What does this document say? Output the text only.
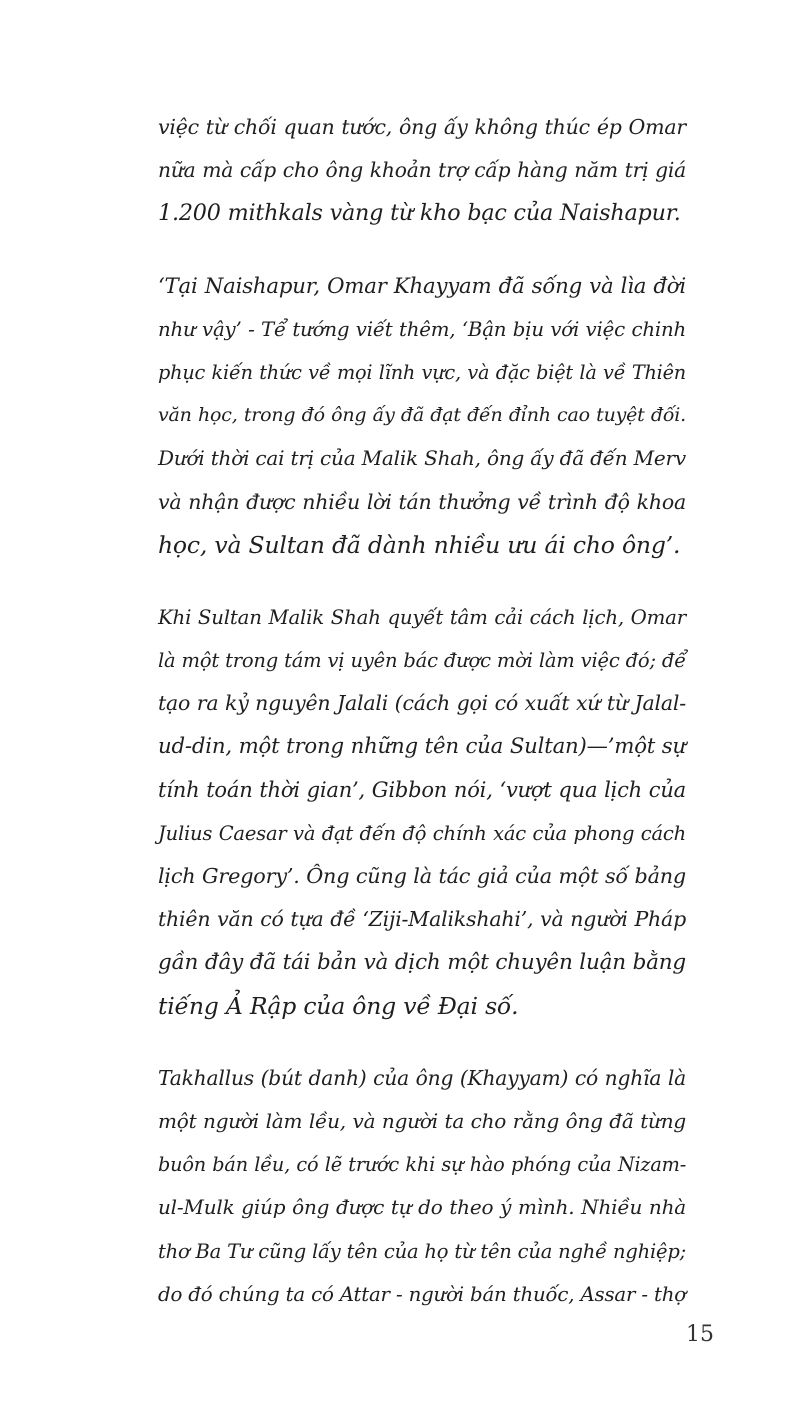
việc từ chối quan tước, ông ấy không thúc ép Omar
nữa mà cấp cho ông khoản trợ cấp hàng năm trị giá
1.200 mithkals vàng từ kho bạc của Naishapur.

‘Tại Naishapur, Omar Khayyam đã sống và lìa đời
như vậy’ - Tể tướng viết thêm, ‘Bận bịu với việc chinh
phục kiến thức về mọi lĩnh vực, và đặc biệt là về Thiên
văn học, trong đó ông ấy đã đạt đến đỉnh cao tuyệt đối.
Dưới thời cai trị của Malik Shah, ông ấy đã đến Merv
và nhận được nhiều lời tán thưởng về trình độ khoa
học, và Sultan đã dành nhiều ưu ái cho ông’.

Khi Sultan Malik Shah quyết tâm cải cách lịch, Omar
là một trong tám vị uyên bác được mời làm việc đó; để
tạo ra kỷ nguyên Jalali (cách gọi có xuất xứ từ Jalal-
ud-din, một trong những tên của Sultan)—’một sự
tính toán thời gian’, Gibbon nói, ‘vượt qua lịch của
Julius Caesar và đạt đến độ chính xác của phong cách
lịch Gregory’. Ông cũng là tác giả của một số bảng
thiên văn có tựa đề ‘Ziji-Malikshahi’, và người Pháp
gần đây đã tái bản và dịch một chuyên luận bằng
tiếng Ả Rập của ông về Đại số.

Takhallus (bút danh) của ông (Khayyam) có nghĩa là
một người làm lều, và người ta cho rằng ông đã từng
buôn bán lều, có lẽ trước khi sự hào phóng của Nizam-
ul-Mulk giúp ông được tự do theo ý mình. Nhiều nhà
thơ Ba Tư cũng lấy tên của họ từ tên của nghề nghiệp;
do đó chúng ta có Attar - người bán thuốc, Assar - thợ

15
